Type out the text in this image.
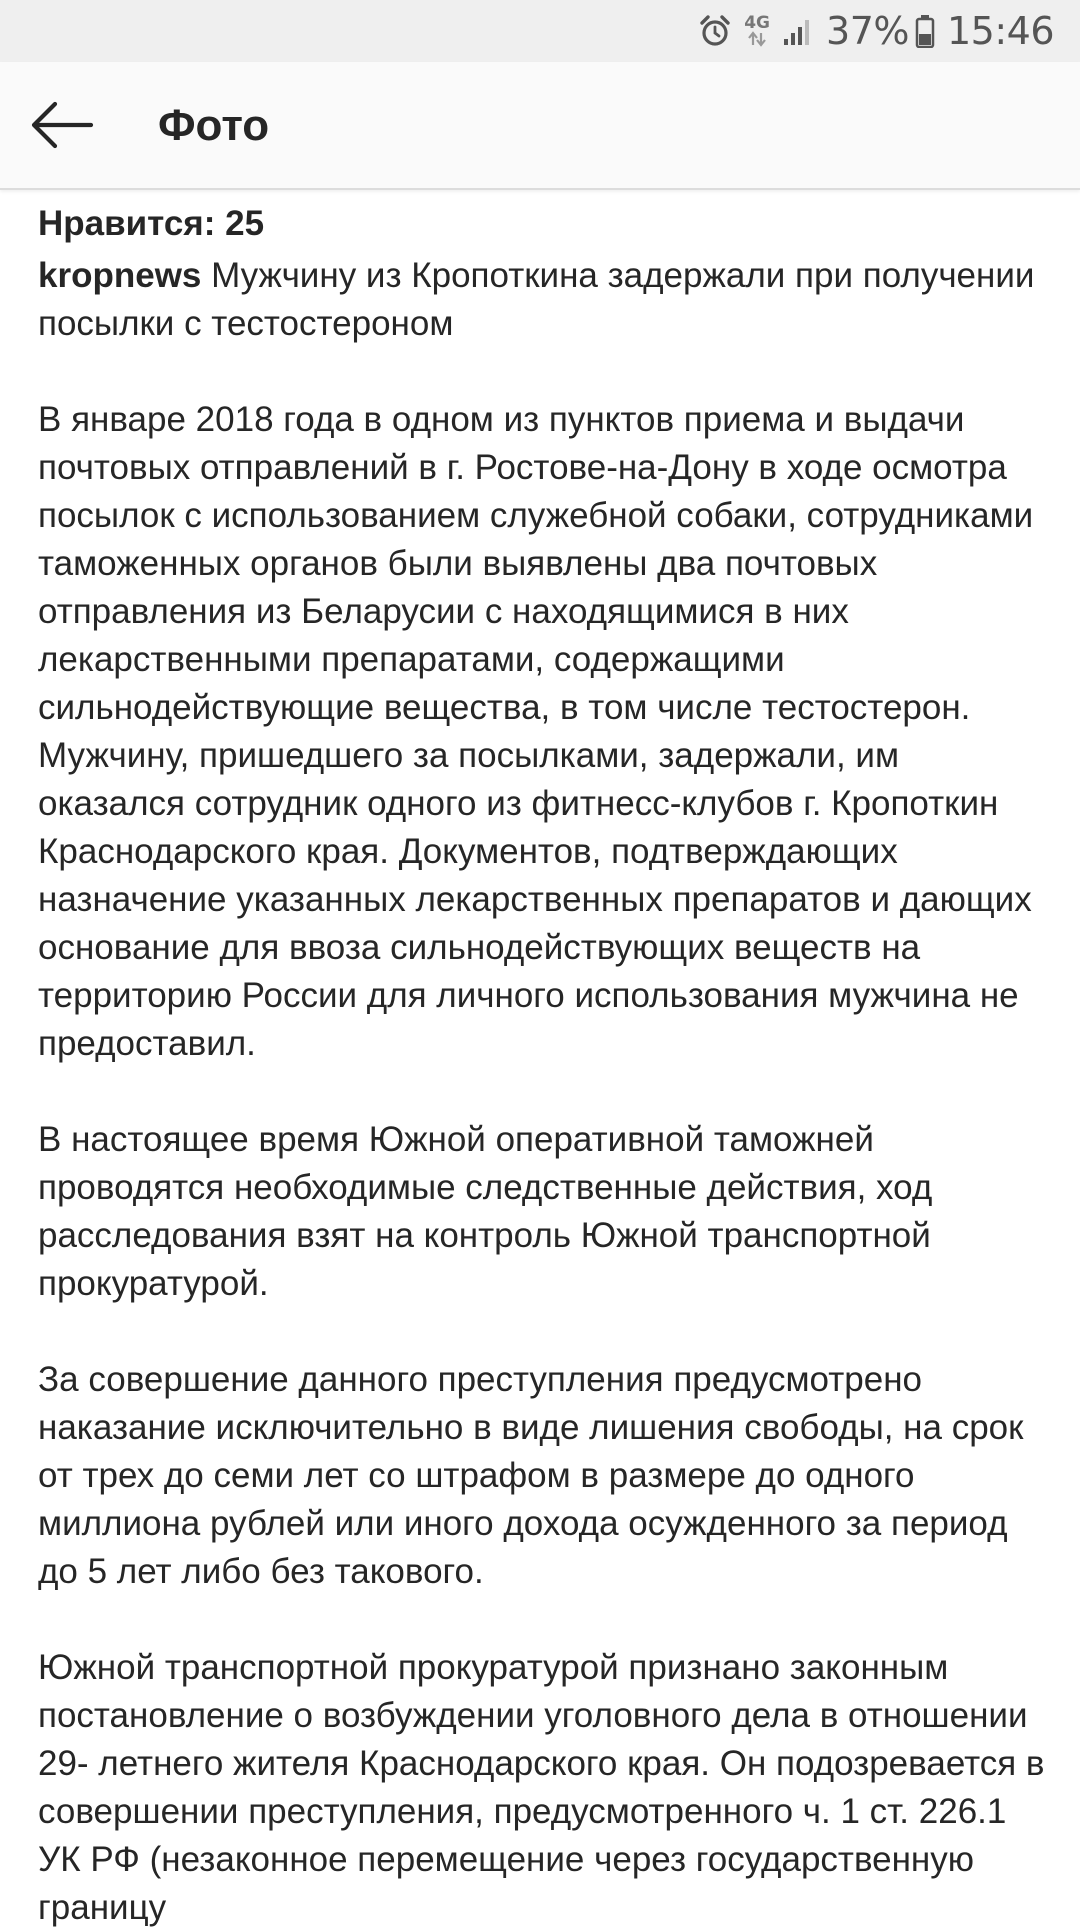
4G 37% 15:46
Фото

Нравится: 25

kropnews Мужчину из Кропоткина задержали при получении посылки с тестостероном

В январе 2018 года в одном из пунктов приема и выдачи почтовых отправлений в г. Ростове-на-Дону в ходе осмотра посылок с использованием служебной собаки, сотрудниками таможенных органов были выявлены два почтовых отправления из Беларусии с находящимися в них лекарственными препаратами, содержащими сильнодействующие вещества, в том числе тестостерон. Мужчину, пришедшего за посылками, задержали, им оказался сотрудник одного из фитнесс-клубов г. Кропоткин Краснодарского края. Документов, подтверждающих назначение указанных лекарственных препаратов и дающих основание для ввоза сильнодействующих веществ на территорию России для личного использования мужчина не предоставил.

В настоящее время Южной оперативной таможней проводятся необходимые следственные действия, ход расследования взят на контроль Южной транспортной прокуратурой.

За совершение данного преступления предусмотрено наказание исключительно в виде лишения свободы, на срок от трех до семи лет со штрафом в размере до одного миллиона рублей или иного дохода осужденного за период до 5 лет либо без такового.

Южной транспортной прокуратурой признано законным постановление о возбуждении уголовного дела в отношении 29- летнего жителя Краснодарского края. Он подозревается в совершении преступления, предусмотренного ч. 1 ст. 226.1 УК РФ (незаконное перемещение через государственную границу
